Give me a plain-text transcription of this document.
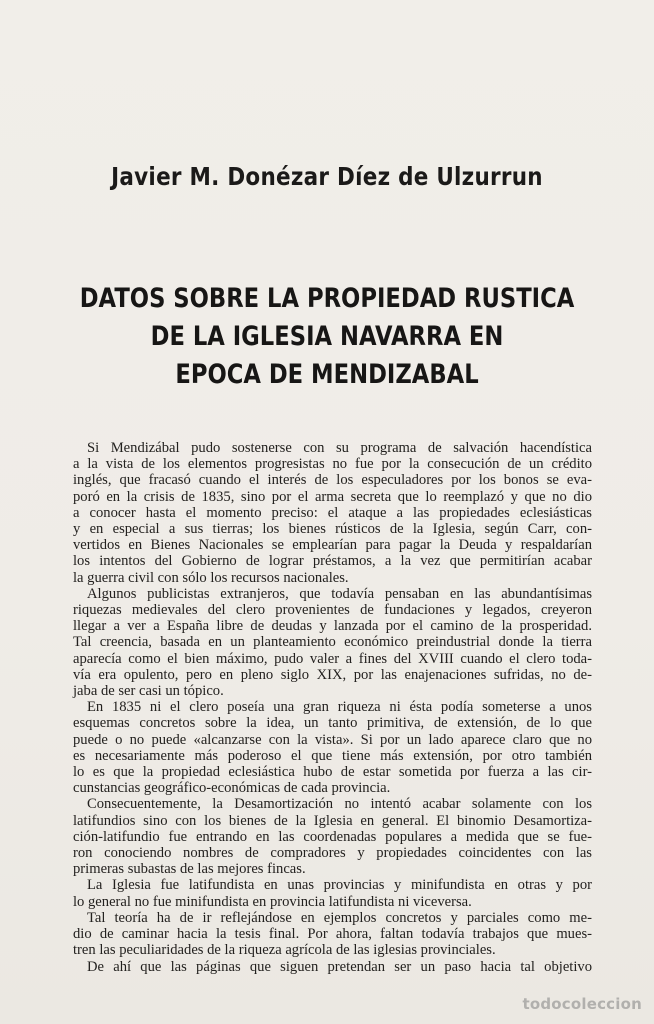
Javier M. Donézar Díez de Ulzurrun
DATOS SOBRE LA PROPIEDAD RUSTICA
DE LA IGLESIA NAVARRA EN
EPOCA DE MENDIZABAL
Si Mendizábal pudo sostenerse con su programa de salvación hacendística
a la vista de los elementos progresistas no fue por la consecución de un crédito
inglés, que fracasó cuando el interés de los especuladores por los bonos se eva-
poró en la crisis de 1835, sino por el arma secreta que lo reemplazó y que no dio
a conocer hasta el momento preciso: el ataque a las propiedades eclesiásticas
y en especial a sus tierras; los bienes rústicos de la Iglesia, según Carr, con-
vertidos en Bienes Nacionales se emplearían para pagar la Deuda y respaldarían
los intentos del Gobierno de lograr préstamos, a la vez que permitirían acabar
la guerra civil con sólo los recursos nacionales.
Algunos publicistas extranjeros, que todavía pensaban en las abundantísimas
riquezas medievales del clero provenientes de fundaciones y legados, creyeron
llegar a ver a España libre de deudas y lanzada por el camino de la prosperidad.
Tal creencia, basada en un planteamiento económico preindustrial donde la tierra
aparecía como el bien máximo, pudo valer a fines del XVIII cuando el clero toda-
vía era opulento, pero en pleno siglo XIX, por las enajenaciones sufridas, no de-
jaba de ser casi un tópico.
En 1835 ni el clero poseía una gran riqueza ni ésta podía someterse a unos
esquemas concretos sobre la idea, un tanto primitiva, de extensión, de lo que
puede o no puede «alcanzarse con la vista». Si por un lado aparece claro que no
es necesariamente más poderoso el que tiene más extensión, por otro también
lo es que la propiedad eclesiástica hubo de estar sometida por fuerza a las cir-
cunstancias geográfico-económicas de cada provincia.
Consecuentemente, la Desamortización no intentó acabar solamente con los
latifundios sino con los bienes de la Iglesia en general. El binomio Desamortiza-
ción-latifundio fue entrando en las coordenadas populares a medida que se fue-
ron conociendo nombres de compradores y propiedades coincidentes con las
primeras subastas de las mejores fincas.
La Iglesia fue latifundista en unas provincias y minifundista en otras y por
lo general no fue minifundista en provincia latifundista ni viceversa.
Tal teoría ha de ir reflejándose en ejemplos concretos y parciales como me-
dio de caminar hacia la tesis final. Por ahora, faltan todavía trabajos que mues-
tren las peculiaridades de la riqueza agrícola de las iglesias provinciales.
De ahí que las páginas que siguen pretendan ser un paso hacia tal objetivo
todocoleccion
